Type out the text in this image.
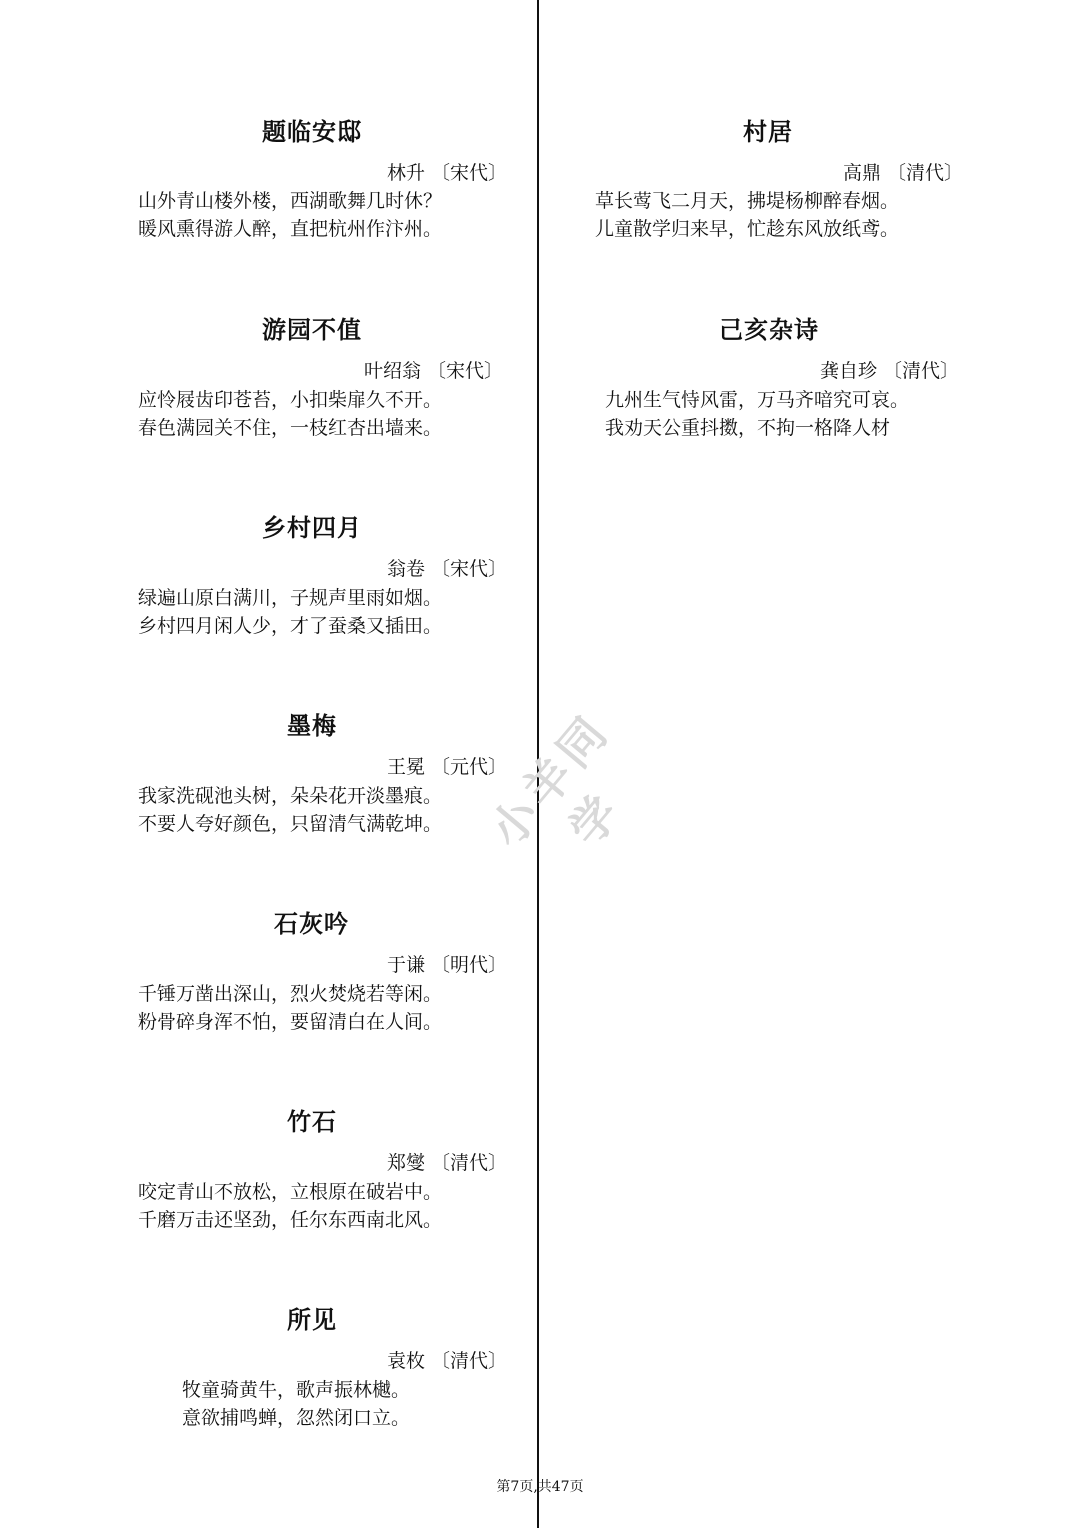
题临安邸
林升 〔宋代〕
山外青山楼外楼，西湖歌舞几时休？
暖风熏得游人醉，直把杭州作汴州。
游园不值
叶绍翁 〔宋代〕
应怜屐齿印苍苔，小扣柴扉久不开。
春色满园关不住，一枝红杏出墙来。
乡村四月
翁卷 〔宋代〕
绿遍山原白满川，子规声里雨如烟。
乡村四月闲人少，才了蚕桑又插田。
墨梅
王冕 〔元代〕
我家洗砚池头树，朵朵花开淡墨痕。
不要人夸好颜色，只留清气满乾坤。
石灰吟
于谦 〔明代〕
千锤万凿出深山，烈火焚烧若等闲。
粉骨碎身浑不怕，要留清白在人间。
竹石
郑燮 〔清代〕
咬定青山不放松，立根原在破岩中。
千磨万击还坚劲，任尔东西南北风。
所见
袁枚 〔清代〕
牧童骑黄牛，歌声振林樾。
意欲捕鸣蝉，忽然闭口立。
村居
高鼎 〔清代〕
草长莺飞二月天，拂堤杨柳醉春烟。
儿童散学归来早，忙趁东风放纸鸢。
己亥杂诗
龚自珍 〔清代〕
九州生气恃风雷，万马齐喑究可哀。
我劝天公重抖擞，不拘一格降人材
小羊同学
第7页,共47页
